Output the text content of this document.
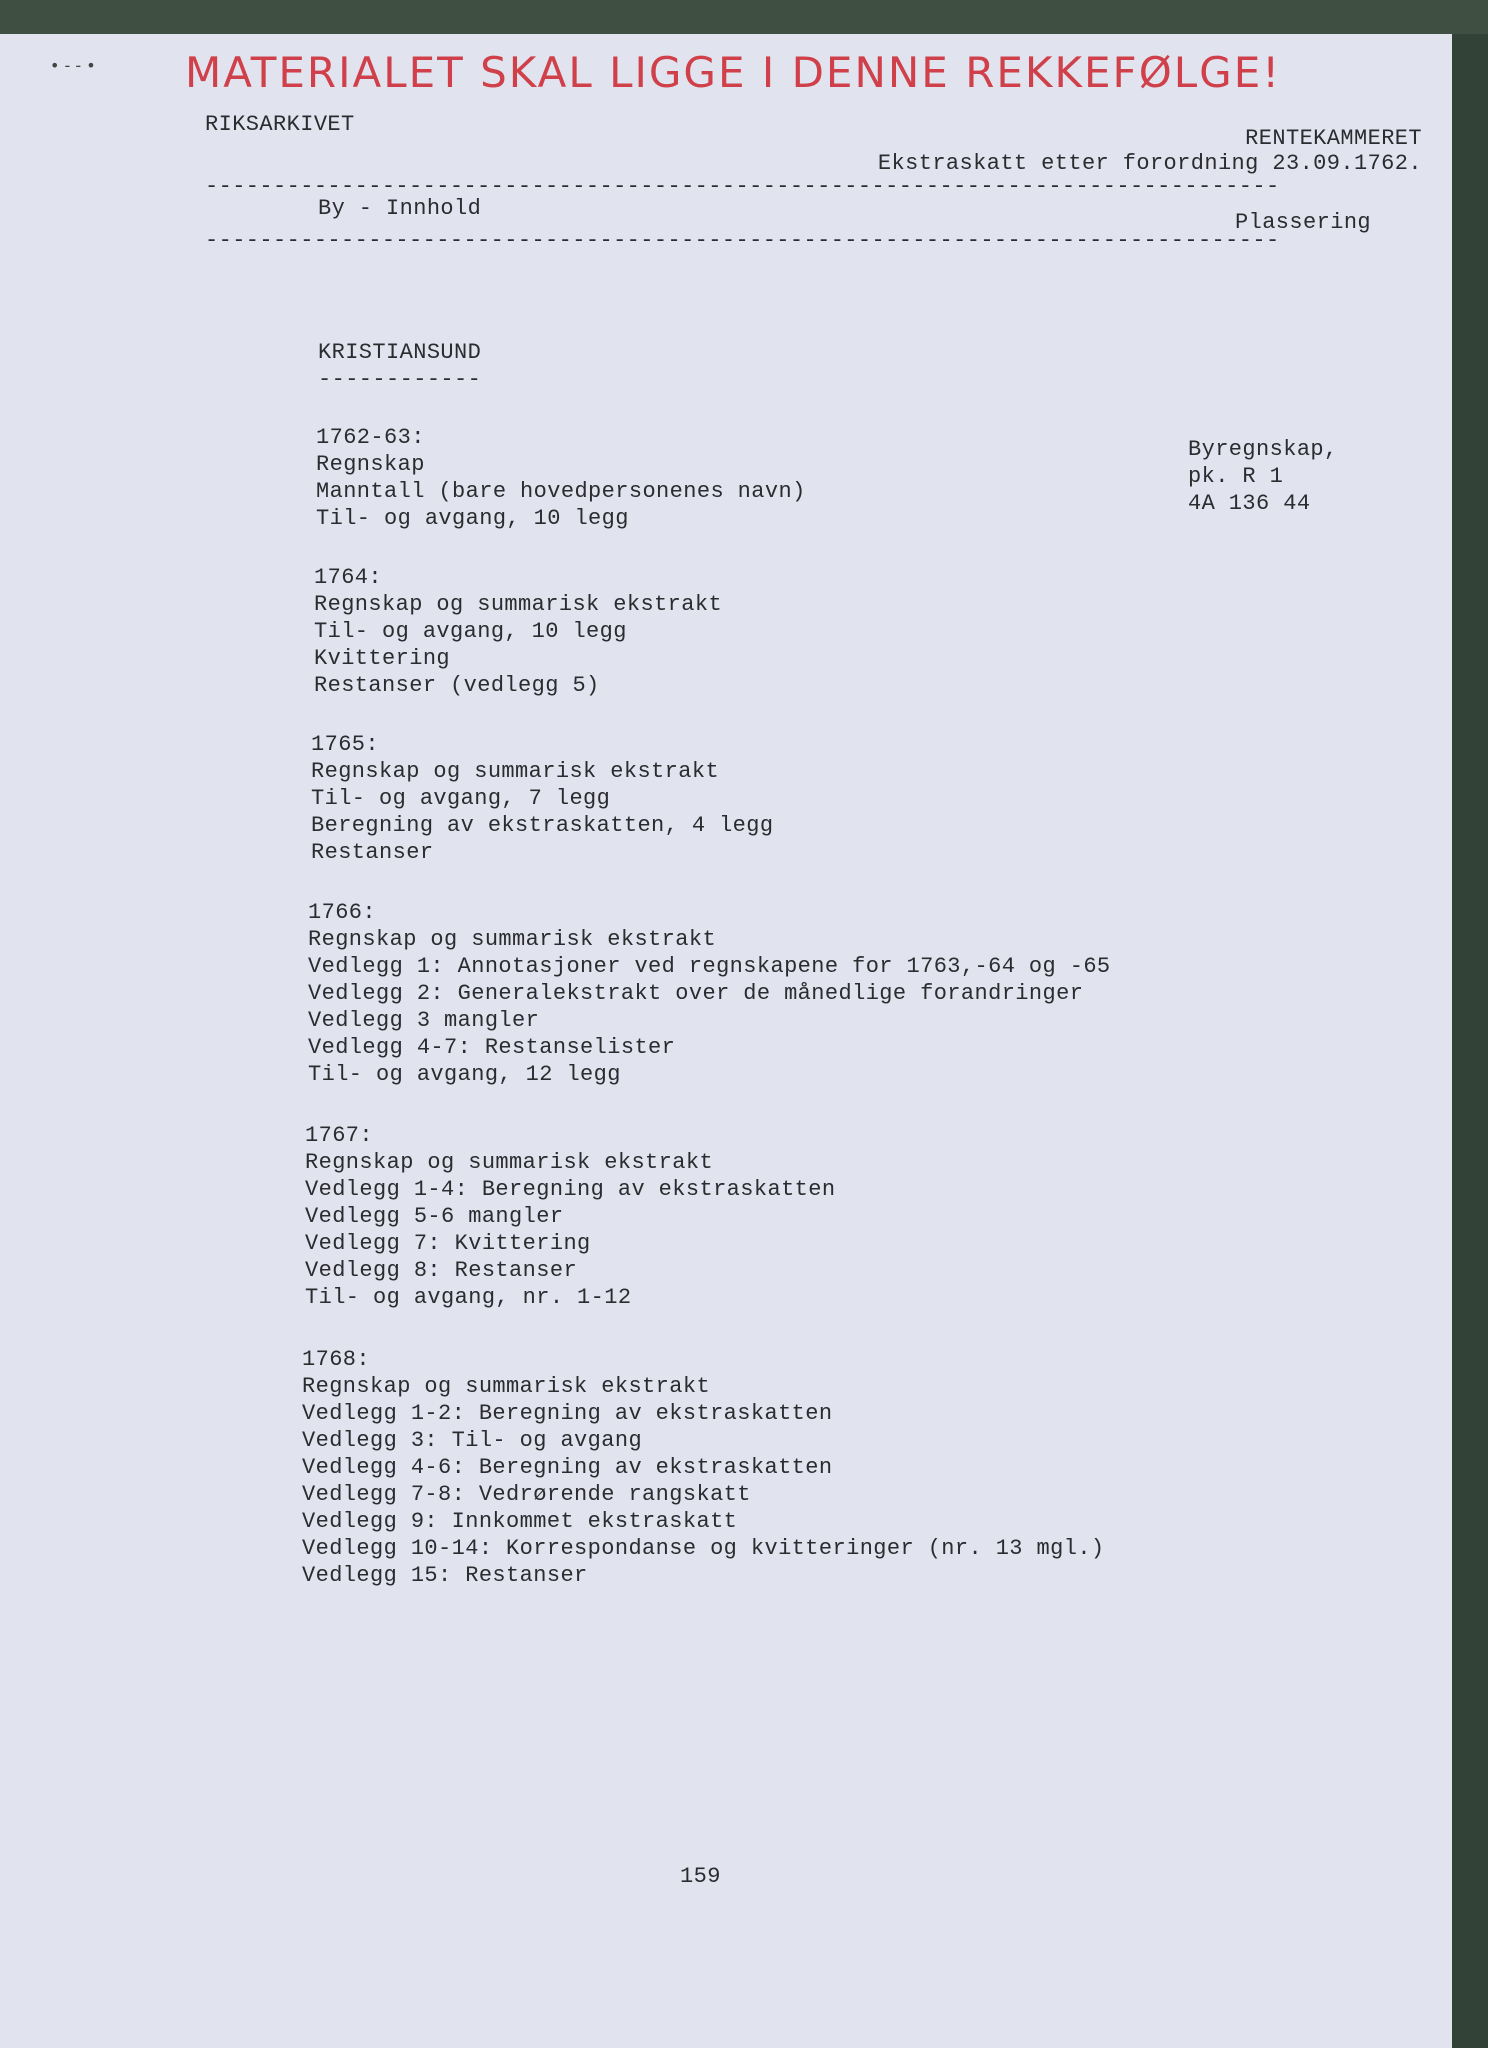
• - - • MATERIALET SKAL LIGGE I DENNE REKKEFØLGE!
RIKSARKIVET
RENTEKAMMERET
Ekstraskatt etter forordning 23.09.1762.
-------------------------------------------------------------------------------
By - Innhold
Plassering
-------------------------------------------------------------------------------
KRISTIANSUND
------------
Byregnskap,
pk. R 1
4A 136 44
1762-63:
Regnskap
Manntall (bare hovedpersonenes navn)
Til- og avgang, 10 legg
1764:
Regnskap og summarisk ekstrakt
Til- og avgang, 10 legg
Kvittering
Restanser (vedlegg 5)
1765:
Regnskap og summarisk ekstrakt
Til- og avgang, 7 legg
Beregning av ekstraskatten, 4 legg
Restanser
1766:
Regnskap og summarisk ekstrakt
Vedlegg 1: Annotasjoner ved regnskapene for 1763,-64 og -65
Vedlegg 2: Generalekstrakt over de månedlige forandringer
Vedlegg 3 mangler
Vedlegg 4-7: Restanselister
Til- og avgang, 12 legg
1767:
Regnskap og summarisk ekstrakt
Vedlegg 1-4: Beregning av ekstraskatten
Vedlegg 5-6 mangler
Vedlegg 7: Kvittering
Vedlegg 8: Restanser
Til- og avgang, nr. 1-12
1768:
Regnskap og summarisk ekstrakt
Vedlegg 1-2: Beregning av ekstraskatten
Vedlegg 3: Til- og avgang
Vedlegg 4-6: Beregning av ekstraskatten
Vedlegg 7-8: Vedrørende rangskatt
Vedlegg 9: Innkommet ekstraskatt
Vedlegg 10-14: Korrespondanse og kvitteringer (nr. 13 mgl.)
Vedlegg 15: Restanser
159
